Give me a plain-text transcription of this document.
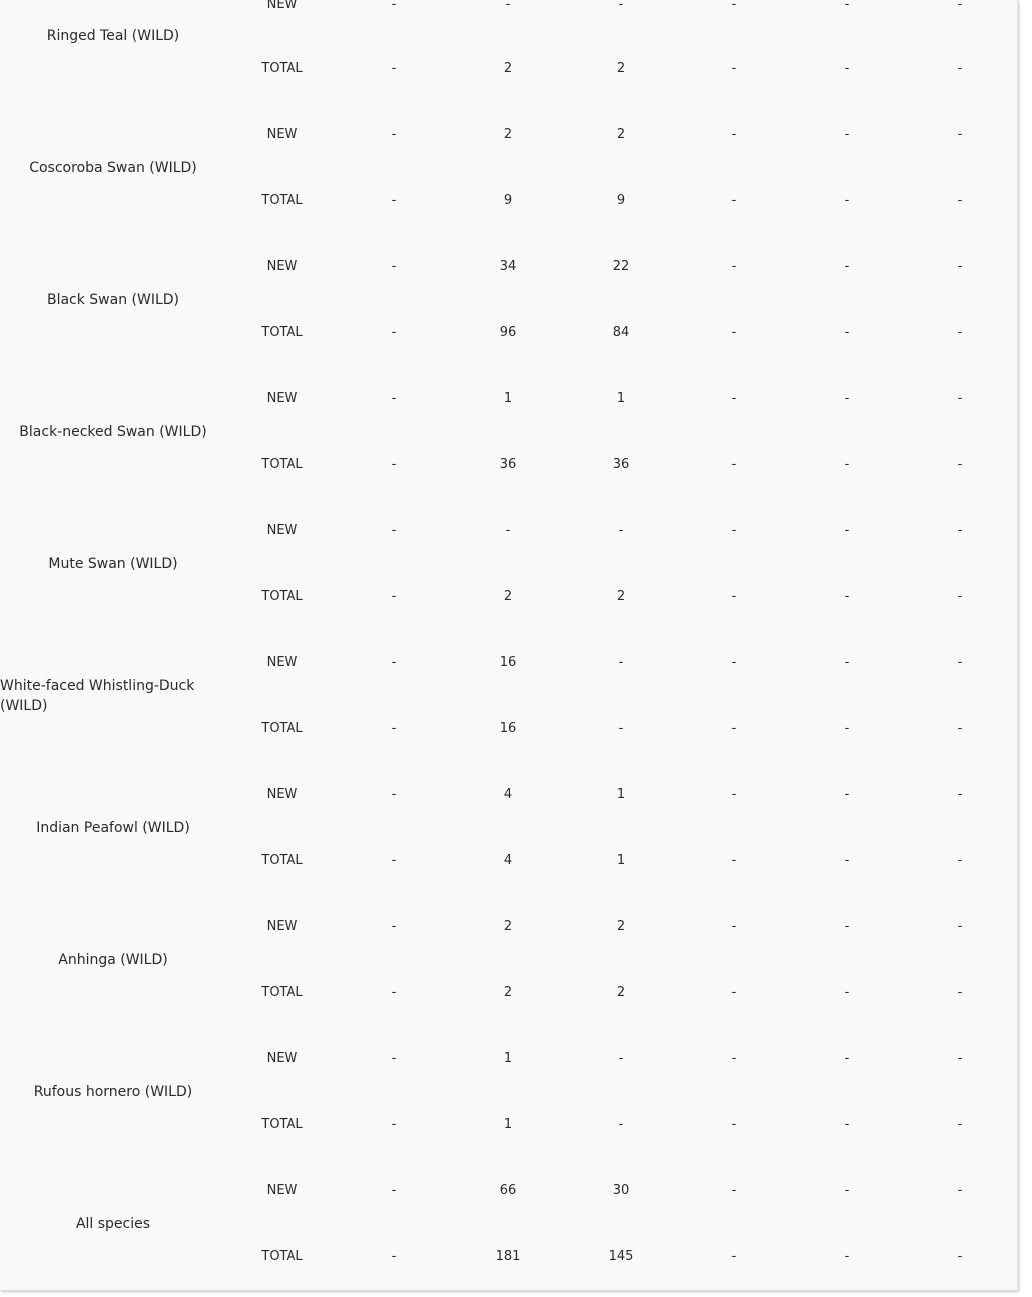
Ringed Teal (WILD)
NEW	-	-	-	-	-	-
TOTAL	-	2	2	-	-	-
Coscoroba Swan (WILD)
NEW	-	2	2	-	-	-
TOTAL	-	9	9	-	-	-
Black Swan (WILD)
NEW	-	34	22	-	-	-
TOTAL	-	96	84	-	-	-
Black-necked Swan (WILD)
NEW	-	1	1	-	-	-
TOTAL	-	36	36	-	-	-
Mute Swan (WILD)
NEW	-	-	-	-	-	-
TOTAL	-	2	2	-	-	-
White-faced Whistling-Duck
(WILD)
NEW	-	16	-	-	-	-
TOTAL	-	16	-	-	-	-
Indian Peafowl (WILD)
NEW	-	4	1	-	-	-
TOTAL	-	4	1	-	-	-
Anhinga (WILD)
NEW	-	2	2	-	-	-
TOTAL	-	2	2	-	-	-
Rufous hornero (WILD)
NEW	-	1	-	-	-	-
TOTAL	-	1	-	-	-	-
All species
NEW	-	66	30	-	-	-
TOTAL	-	181	145	-	-	-
